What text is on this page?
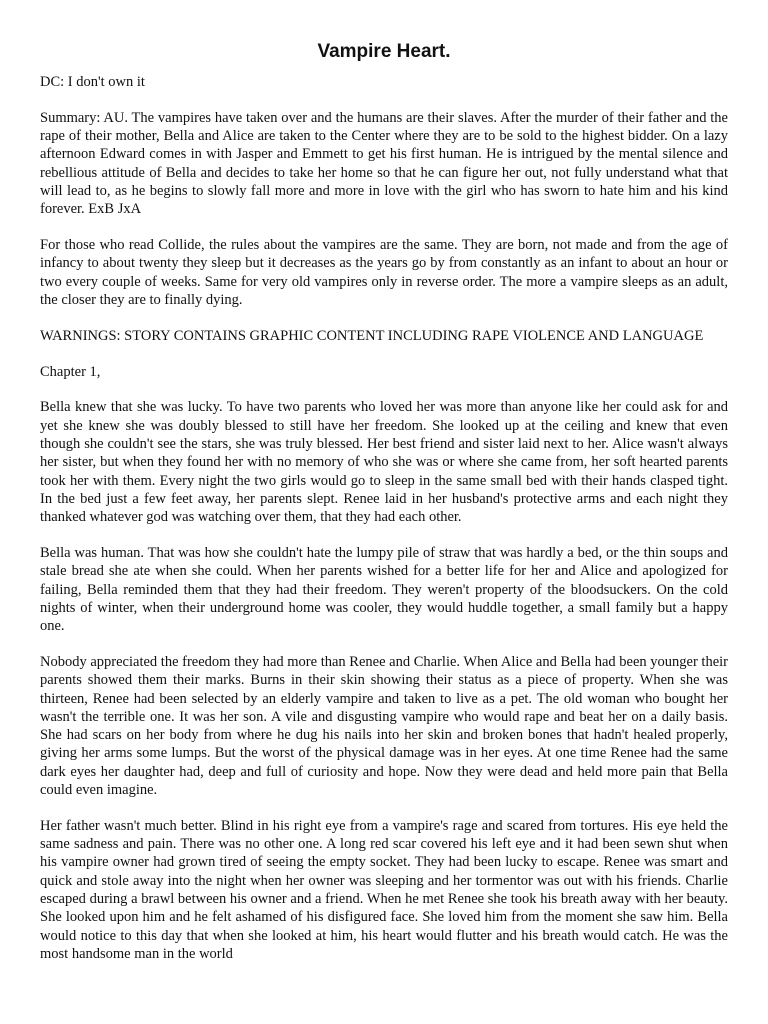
Vampire Heart.

DC: I don't own it

Summary: AU. The vampires have taken over and the humans are their slaves. After the murder of their father and the rape of their mother, Bella and Alice are taken to the Center where they are to be sold to the highest bidder. On a lazy afternoon Edward comes in with Jasper and Emmett to get his first human. He is intrigued by the mental silence and rebellious attitude of Bella and decides to take her home so that he can figure her out, not fully understand what that will lead to, as he begins to slowly fall more and more in love with the girl who has sworn to hate him and his kind forever. ExB JxA

For those who read Collide, the rules about the vampires are the same. They are born, not made and from the age of infancy to about twenty they sleep but it decreases as the years go by from constantly as an infant to about an hour or two every couple of weeks. Same for very old vampires only in reverse order. The more a vampire sleeps as an adult, the closer they are to finally dying.

WARNINGS: STORY CONTAINS GRAPHIC CONTENT INCLUDING RAPE VIOLENCE AND LANGUAGE

Chapter 1,

Bella knew that she was lucky. To have two parents who loved her was more than anyone like her could ask for and yet she knew she was doubly blessed to still have her freedom. She looked up at the ceiling and knew that even though she couldn't see the stars, she was truly blessed. Her best friend and sister laid next to her. Alice wasn't always her sister, but when they found her with no memory of who she was or where she came from, her soft hearted parents took her with them. Every night the two girls would go to sleep in the same small bed with their hands clasped tight. In the bed just a few feet away, her parents slept. Renee laid in her husband's protective arms and each night they thanked whatever god was watching over them, that they had each other.

Bella was human. That was how she couldn't hate the lumpy pile of straw that was hardly a bed, or the thin soups and stale bread she ate when she could. When her parents wished for a better life for her and Alice and apologized for failing, Bella reminded them that they had their freedom. They weren't property of the bloodsuckers. On the cold nights of winter, when their underground home was cooler, they would huddle together, a small family but a happy one.

Nobody appreciated the freedom they had more than Renee and Charlie. When Alice and Bella had been younger their parents showed them their marks. Burns in their skin showing their status as a piece of property. When she was thirteen, Renee had been selected by an elderly vampire and taken to live as a pet. The old woman who bought her wasn't the terrible one. It was her son. A vile and disgusting vampire who would rape and beat her on a daily basis. She had scars on her body from where he dug his nails into her skin and broken bones that hadn't healed properly, giving her arms some lumps. But the worst of the physical damage was in her eyes. At one time Renee had the same dark eyes her daughter had, deep and full of curiosity and hope. Now they were dead and held more pain that Bella could even imagine.

Her father wasn't much better. Blind in his right eye from a vampire's rage and scared from tortures. His eye held the same sadness and pain. There was no other one. A long red scar covered his left eye and it had been sewn shut when his vampire owner had grown tired of seeing the empty socket. They had been lucky to escape. Renee was smart and quick and stole away into the night when her owner was sleeping and her tormentor was out with his friends. Charlie escaped during a brawl between his owner and a friend. When he met Renee she took his breath away with her beauty. She looked upon him and he felt ashamed of his disfigured face. She loved him from the moment she saw him. Bella would notice to this day that when she looked at him, his heart would flutter and his breath would catch. He was the most handsome man in the world
